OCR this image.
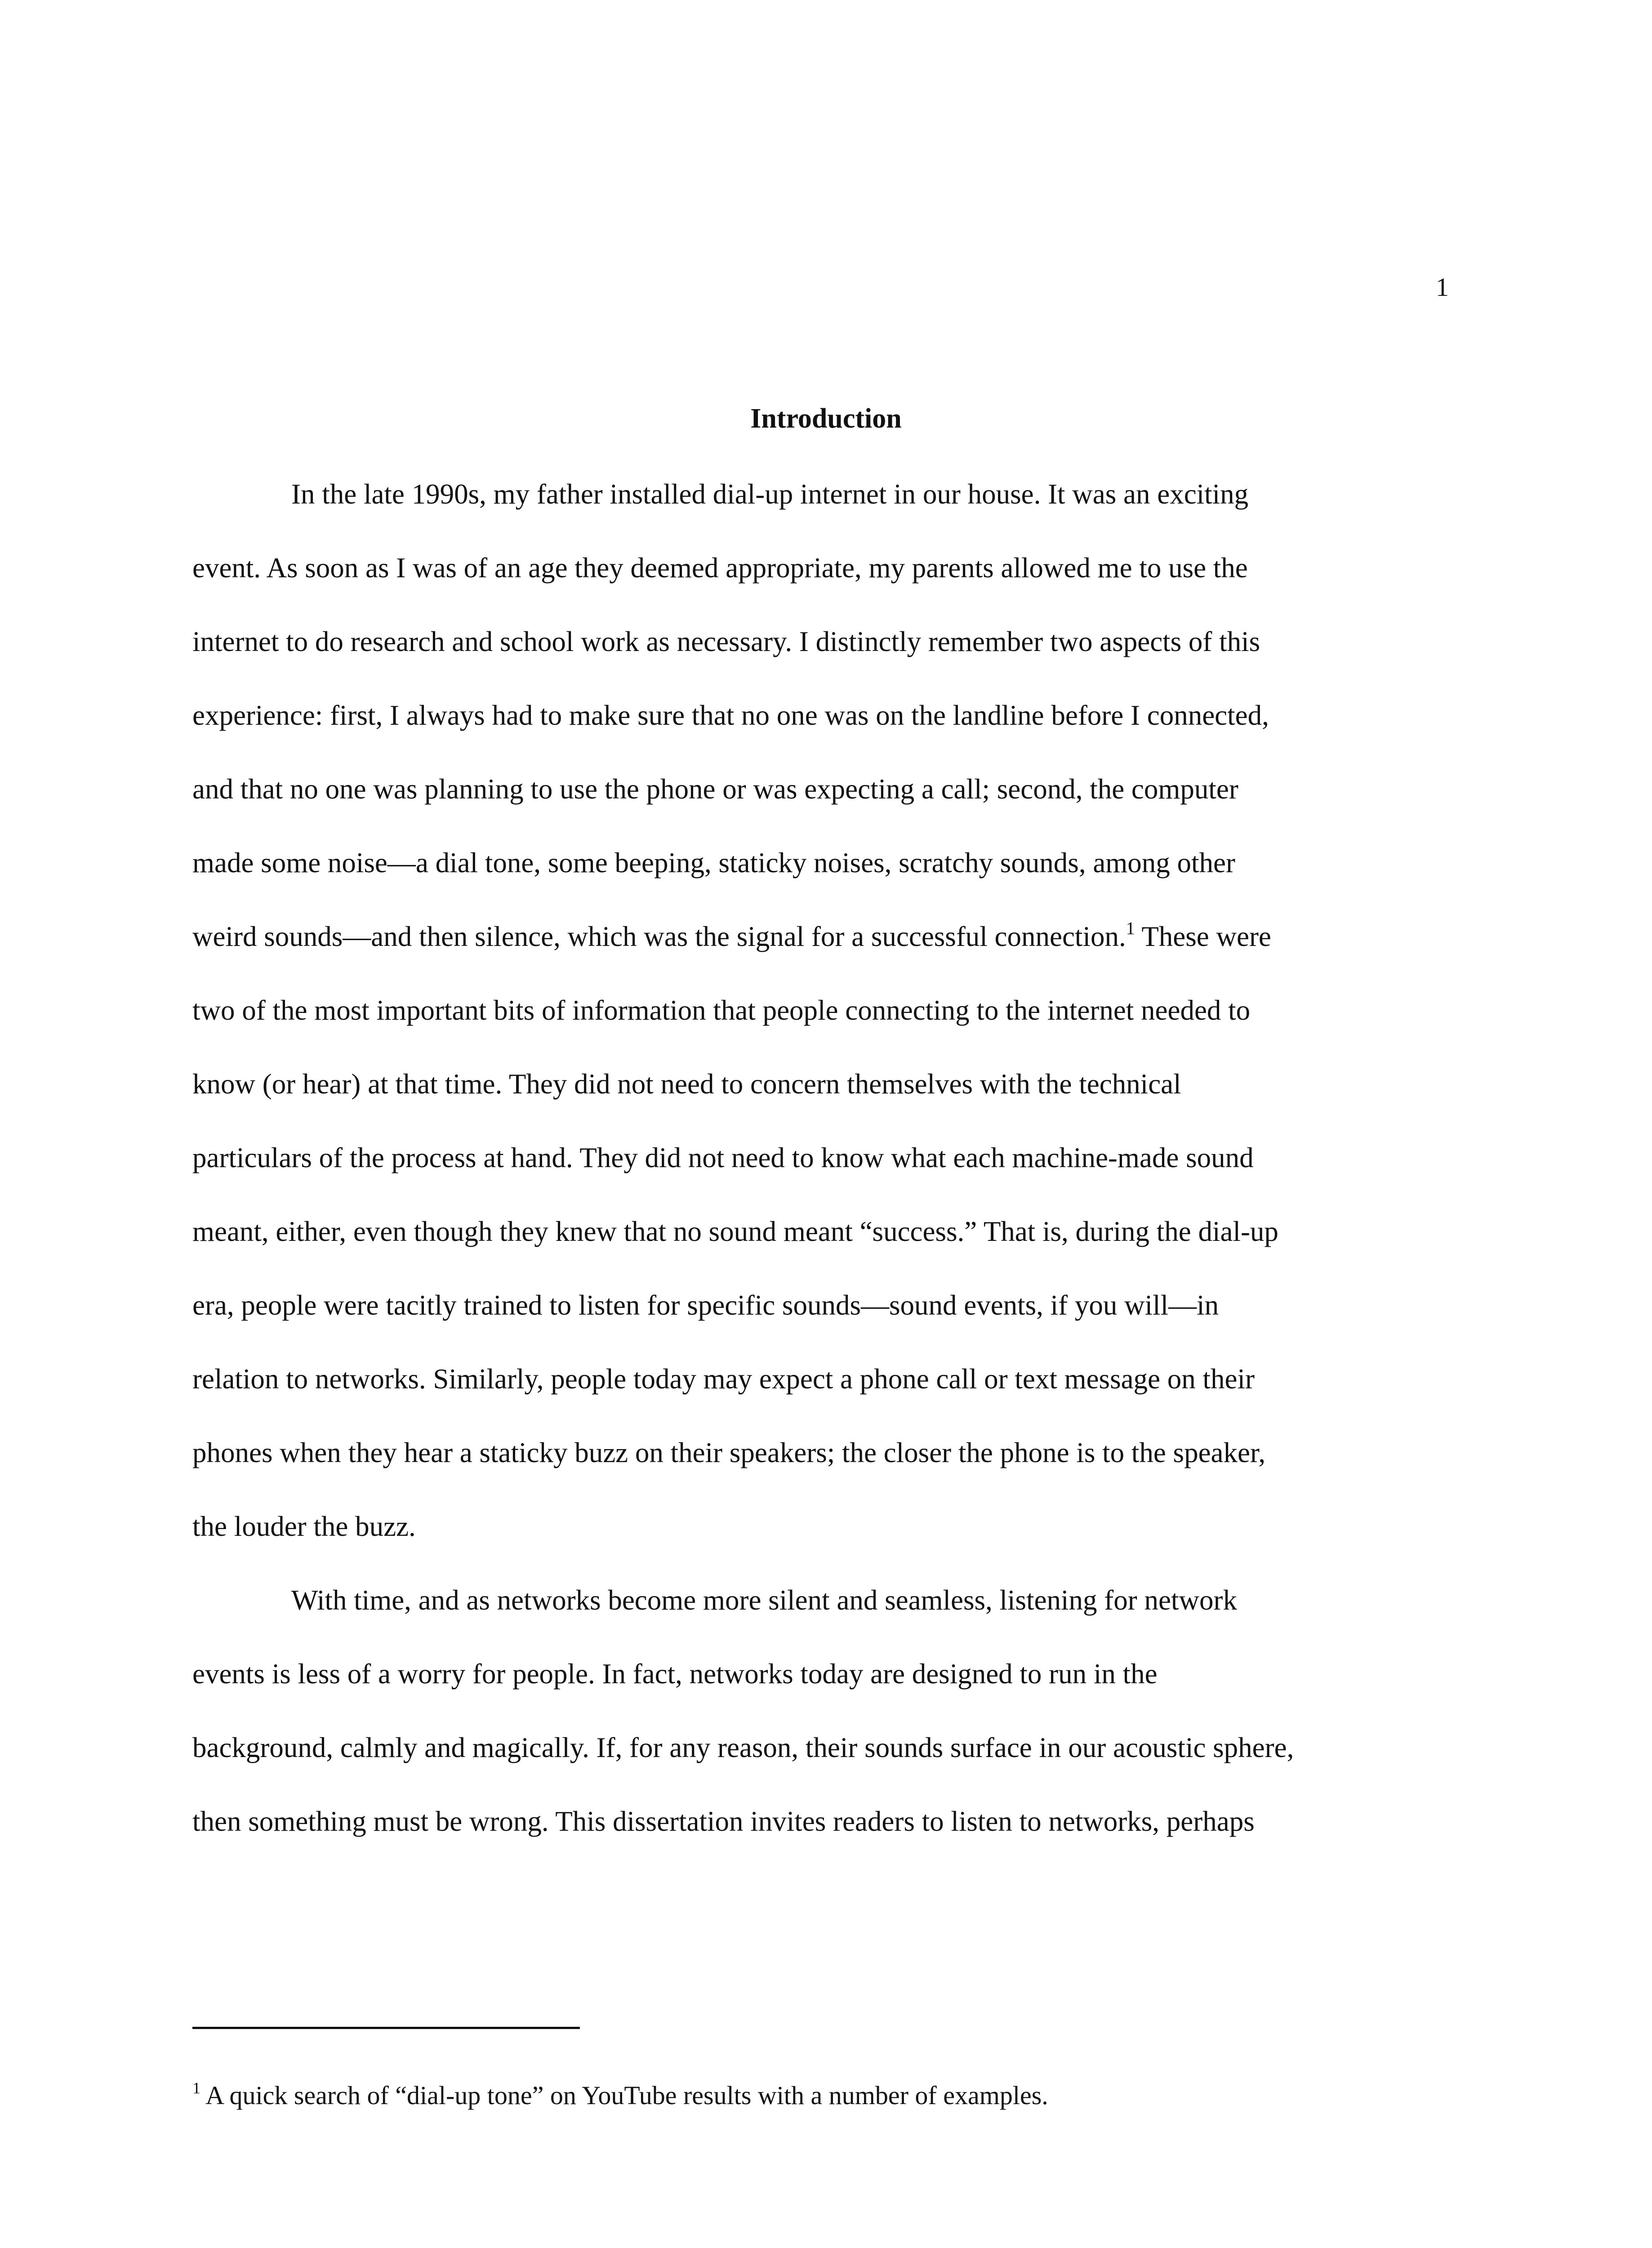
1
Introduction
In the late 1990s, my father installed dial-up internet in our house. It was an exciting
event. As soon as I was of an age they deemed appropriate, my parents allowed me to use the
internet to do research and school work as necessary. I distinctly remember two aspects of this
experience: first, I always had to make sure that no one was on the landline before I connected,
and that no one was planning to use the phone or was expecting a call; second, the computer
made some noise—a dial tone, some beeping, staticky noises, scratchy sounds, among other
weird sounds—and then silence, which was the signal for a successful connection.$^1$ These were
two of the most important bits of information that people connecting to the internet needed to
know (or hear) at that time. They did not need to concern themselves with the technical
particulars of the process at hand. They did not need to know what each machine-made sound
meant, either, even though they knew that no sound meant “success.” That is, during the dial-up
era, people were tacitly trained to listen for specific sounds—sound events, if you will—in
relation to networks. Similarly, people today may expect a phone call or text message on their
phones when they hear a staticky buzz on their speakers; the closer the phone is to the speaker,
the louder the buzz.
With time, and as networks become more silent and seamless, listening for network
events is less of a worry for people. In fact, networks today are designed to run in the
background, calmly and magically. If, for any reason, their sounds surface in our acoustic sphere,
then something must be wrong. This dissertation invites readers to listen to networks, perhaps
$^1$ A quick search of “dial-up tone” on YouTube results with a number of examples.
